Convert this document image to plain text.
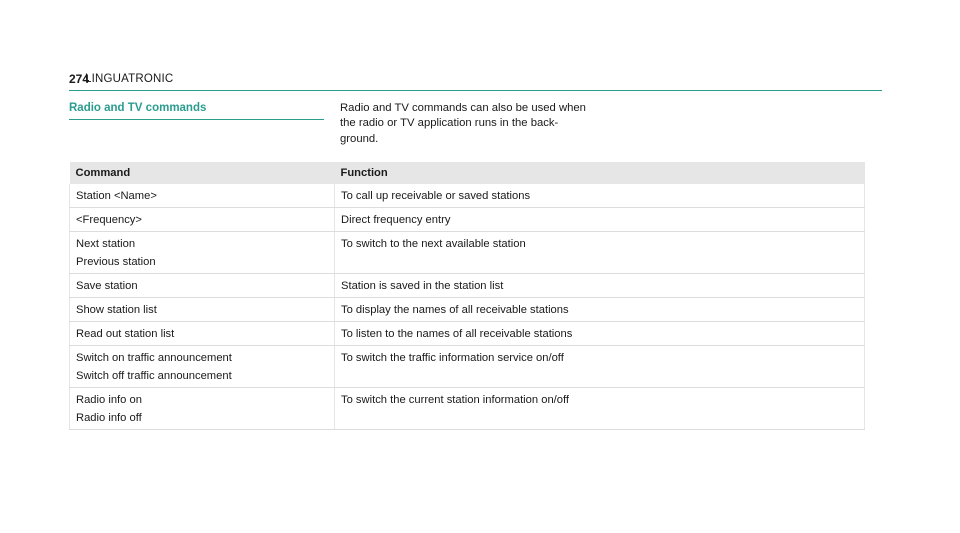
274
LINGUATRONIC
Radio and TV commands	Radio and TV commands can also be used when
the radio or TV application runs in the back-
ground.
Command	Function

Station <Name>	To call up receivable or saved stations

<Frequency>	Direct frequency entry

Next station
Previous station	To switch to the next available station

Save station	Station is saved in the station list

Show station list	To display the names of all receivable stations

Read out station list	To listen to the names of all receivable stations

Switch on traffic announcement
Switch off traffic announcement	To switch the traffic information service on/off

Radio info on
Radio info off	To switch the current station information on/off
